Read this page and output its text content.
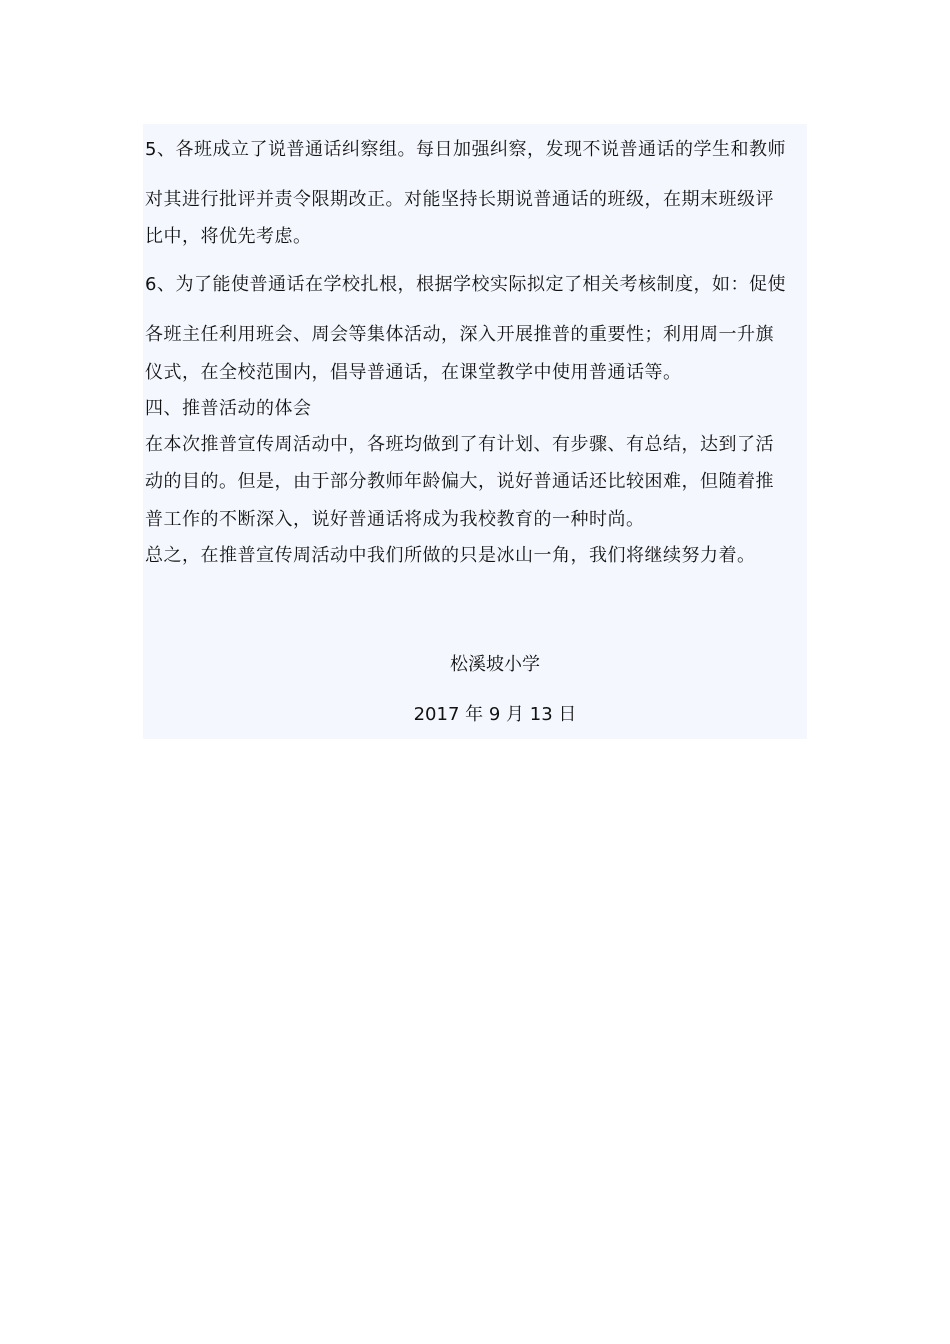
5、各班成立了说普通话纠察组。每日加强纠察，发现不说普通话的学生和教师
对其进行批评并责令限期改正。对能坚持长期说普通话的班级，在期末班级评
比中，将优先考虑。
6、为了能使普通话在学校扎根，根据学校实际拟定了相关考核制度，如：促使
各班主任利用班会、周会等集体活动，深入开展推普的重要性；利用周一升旗
仪式，在全校范围内，倡导普通话，在课堂教学中使用普通话等。
四、推普活动的体会
在本次推普宣传周活动中，各班均做到了有计划、有步骤、有总结，达到了活
动的目的。但是，由于部分教师年龄偏大，说好普通话还比较困难，但随着推
普工作的不断深入，说好普通话将成为我校教育的一种时尚。
总之，在推普宣传周活动中我们所做的只是冰山一角，我们将继续努力着。
松溪坡小学
2017 年 9 月 13 日
